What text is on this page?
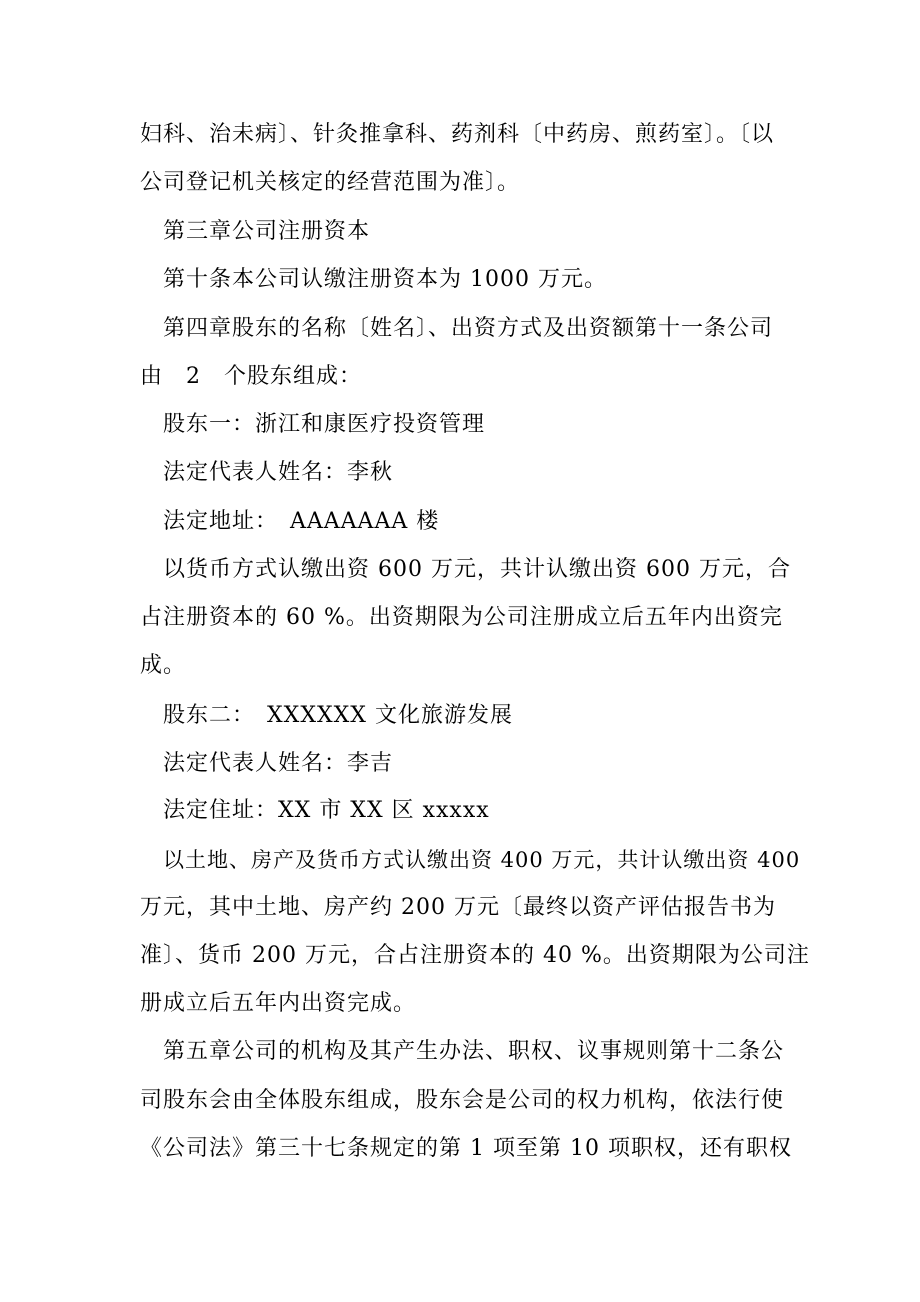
妇科、治未病〕、针灸推拿科、药剂科〔中药房、煎药室〕。〔以
公司登记机关核定的经营范围为准〕。
第三章公司注册资本
第十条本公司认缴注册资本为 1000 万元。
第四章股东的名称〔姓名〕、出资方式及出资额第十一条公司
由　2　个股东组成：
股东一：浙江和康医疗投资管理
法定代表人姓名：李秋
法定地址：　AAAAAAA 楼
以货币方式认缴出资 600 万元，共计认缴出资 600 万元，合
占注册资本的 60 %。出资期限为公司注册成立后五年内出资完
成。
股东二：　XXXXXX 文化旅游发展
法定代表人姓名：李吉
法定住址：XX 市 XX 区 xxxxx
以土地、房产及货币方式认缴出资 400 万元，共计认缴出资 400
万元，其中土地、房产约 200 万元〔最终以资产评估报告书为
准〕、货币 200 万元，合占注册资本的 40 %。出资期限为公司注
册成立后五年内出资完成。
第五章公司的机构及其产生办法、职权、议事规则第十二条公
司股东会由全体股东组成，股东会是公司的权力机构，依法行使
《公司法》第三十七条规定的第 1 项至第 10 项职权，还有职权
